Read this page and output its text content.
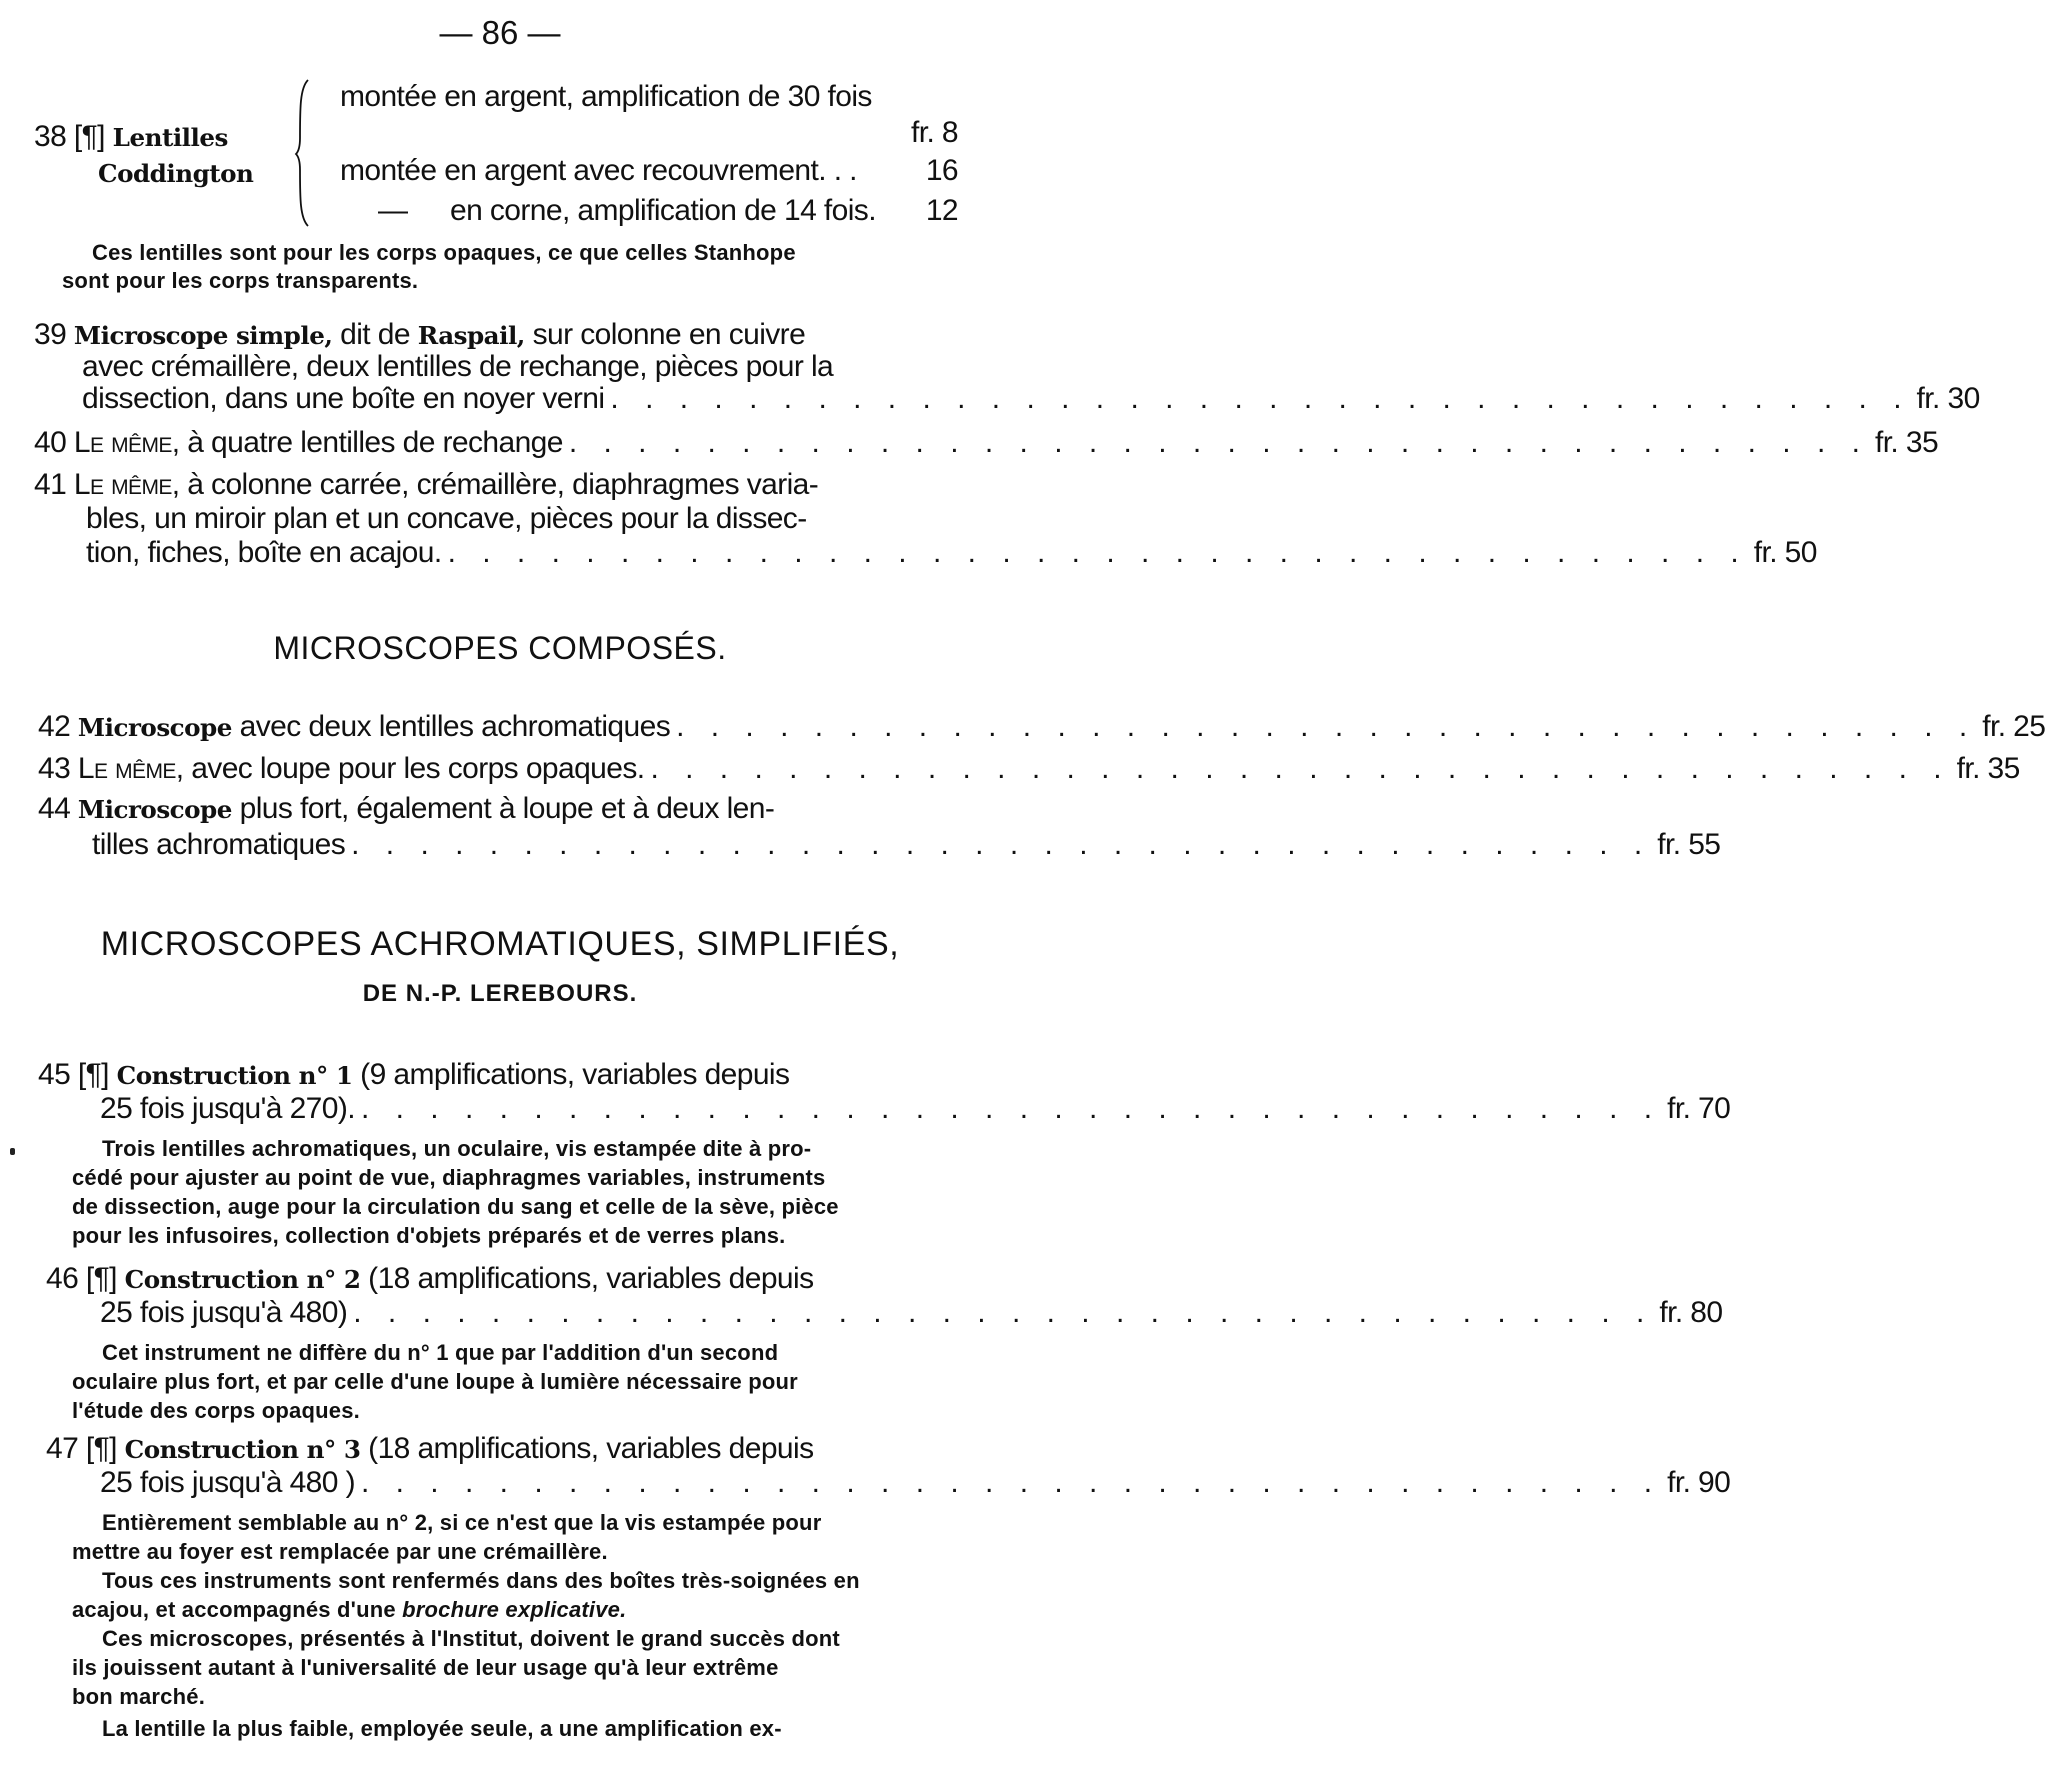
— 86 —
38 [¶] Lentilles
Coddington
montée en argent, amplification de 30 fois
fr. 8
montée en argent avec recouvrement. . . 16
— en corne, amplification de 14 fois. 12
Ces lentilles sont pour les corps opaques, ce que celles Stanhope
sont pour les corps transparents.
39 Microscope simple, dit de Raspail, sur colonne en cuivre
avec crémaillère, deux lentilles de rechange, pièces pour la
dissection, dans une boîte en noyer verni . . . . . . . . . . . . . . . . . . . . . . . . . . . . . . . . . . . . . . fr. 30
40 Le même, à quatre lentilles de rechange . . . . . . . . . . . . . . . . . . . . . . . . . . . . . . . . . . . . . . fr. 35
41 Le même, à colonne carrée, crémaillère, diaphragmes varia-
bles, un miroir plan et un concave, pièces pour la dissec-
tion, fiches, boîte en acajou. . . . . . . . . . . . . . . . . . . . . . . . . . . . . . . . . . . . . . . fr. 50
MICROSCOPES COMPOSÉS.
42 Microscope avec deux lentilles achromatiques . . . . . . . . . . . . . . . . . . . . . . . . . . . . . . . . . . . . . . fr. 25
43 Le même, avec loupe pour les corps opaques. . . . . . . . . . . . . . . . . . . . . . . . . . . . . . . . . . . . . . . fr. 35
44 Microscope plus fort, également à loupe et à deux len-
tilles achromatiques . . . . . . . . . . . . . . . . . . . . . . . . . . . . . . . . . . . . . . fr. 55
MICROSCOPES ACHROMATIQUES, SIMPLIFIÉS,
DE N.-P. LEREBOURS.
45 [¶] Construction n° 1 (9 amplifications, variables depuis
25 fois jusqu'à 270). . . . . . . . . . . . . . . . . . . . . . . . . . . . . . . . . . . . . . . fr. 70
Trois lentilles achromatiques, un oculaire, vis estampée dite à pro-
cédé pour ajuster au point de vue, diaphragmes variables, instruments
de dissection, auge pour la circulation du sang et celle de la sève, pièce
pour les infusoires, collection d'objets préparés et de verres plans.
46 [¶] Construction n° 2 (18 amplifications, variables depuis
25 fois jusqu'à 480) . . . . . . . . . . . . . . . . . . . . . . . . . . . . . . . . . . . . . . fr. 80
Cet instrument ne diffère du n° 1 que par l'addition d'un second
oculaire plus fort, et par celle d'une loupe à lumière nécessaire pour
l'étude des corps opaques.
47 [¶] Construction n° 3 (18 amplifications, variables depuis
25 fois jusqu'à 480 ) . . . . . . . . . . . . . . . . . . . . . . . . . . . . . . . . . . . . . . fr. 90
Entièrement semblable au n° 2, si ce n'est que la vis estampée pour
mettre au foyer est remplacée par une crémaillère.
Tous ces instruments sont renfermés dans des boîtes très-soignées en
acajou, et accompagnés d'une brochure explicative.
Ces microscopes, présentés à l'Institut, doivent le grand succès dont
ils jouissent autant à l'universalité de leur usage qu'à leur extrême
bon marché.
La lentille la plus faible, employée seule, a une amplification ex-
